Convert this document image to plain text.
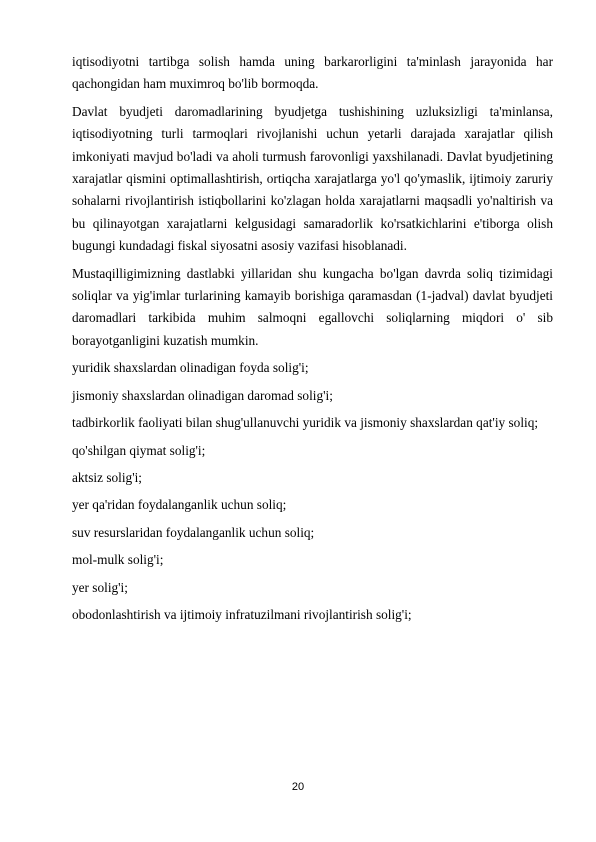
iqtisodiyotni tartibga solish hamda uning barkarorligini ta'minlash jarayonida har qachongidan ham muximroq bo'lib bormoqda.

Davlat byudjeti daromadlarining byudjetga tushishining uzluksizligi ta'minlansa, iqtisodiyotning turli tarmoqlari rivojlanishi uchun yetarli darajada xarajatlar qilish imkoniyati mavjud bo'ladi va aholi turmush farovonligi yaxshilanadi. Davlat byudjetining xarajatlar qismini optimallashtirish, ortiqcha xarajatlarga yo'l qo'ymaslik, ijtimoiy zaruriy sohalarni rivojlantirish istiqbollarini ko'zlagan holda xarajatlarni maqsadli yo'naltirish va bu qilinayotgan xarajatlarni kelgusidagi samaradorlik ko'rsatkichlarini e'tiborga olish bugungi kundadagi fiskal siyosatni asosiy vazifasi hisoblanadi.

Mustaqilligimizning dastlabki yillaridan shu kungacha bo'lgan davrda soliq tizimidagi soliqlar va yig'imlar turlarining kamayib borishiga qaramasdan (1-jadval) davlat byudjeti daromadlari tarkibida muhim salmoqni egallovchi soliqlarning miqdori o' sib borayotganligini kuzatish mumkin.

yuridik shaxslardan olinadigan foyda solig'i;

jismoniy shaxslardan olinadigan daromad solig'i;

tadbirkorlik faoliyati bilan shug'ullanuvchi yuridik va jismoniy shaxslardan qat'iy soliq;

qo'shilgan qiymat solig'i;

aktsiz solig'i;

yer qa'ridan foydalanganlik uchun soliq;

suv resurslaridan foydalanganlik uchun soliq;

mol-mulk solig'i;

yer solig'i;

obodonlashtirish va ijtimoiy infratuzilmani rivojlantirish solig'i;

20
